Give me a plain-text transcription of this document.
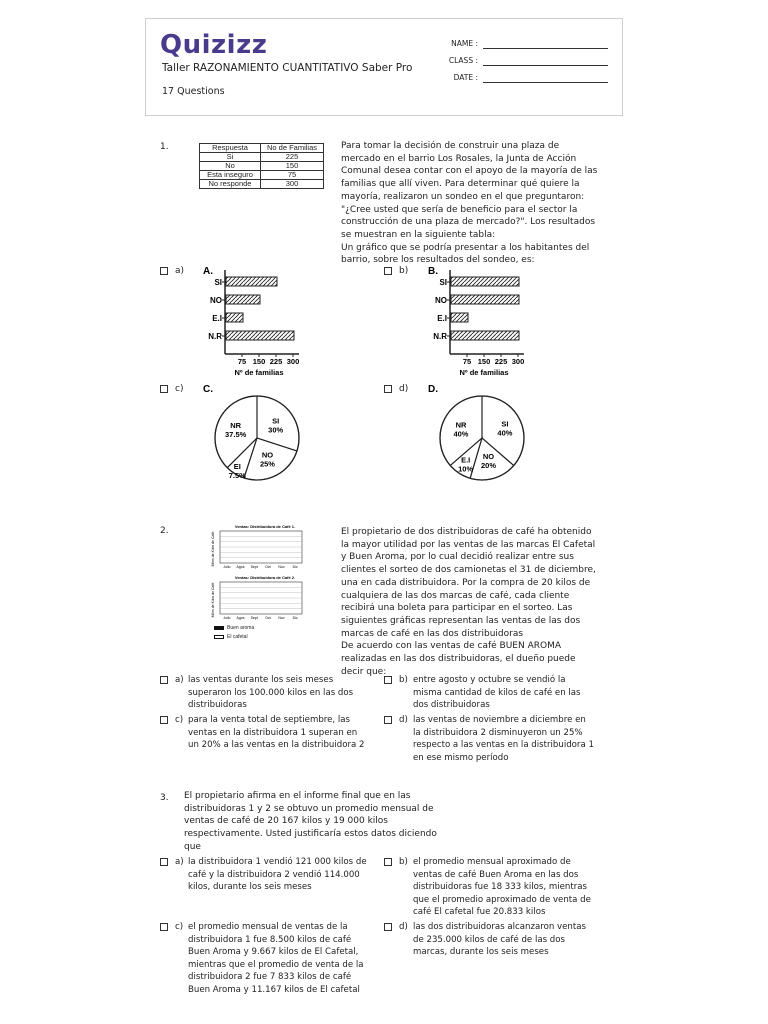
Quizizz
Taller RAZONAMIENTO CUANTITATIVO Saber Pro
17 Questions
NAME :
CLASS :
DATE :
1.	Respuesta	No de Familias
Si	225
No	150
Esta inseguro	75
No responde	300
Para tomar la decisión de construir una plaza de
mercado en el barrio Los Rosales, la Junta de Acción
Comunal desea contar con el apoyo de la mayoría de las
familias que allí viven. Para determinar qué quiere la
mayoría, realizaron un sondeo en el que preguntaron:
"¿Cree usted que sería de beneficio para el sector la
construcción de una plaza de mercado?". Los resultados
se muestran en la siguiente tabla:
Un gráfico que se podría presentar a los habitantes del
barrio, sobre los resultados del sondeo, es:
a)	b)
c)	d)
A.
SI
NO
E.I
N.R
75 150 225 300
Nº de familias
B.
SI
NO
E.I
N.R
75 150 225 300
Nº de familias
C.
SI
30%
NO
25%
EI
7.5%
NR
37.5%
D.
SI
40%
NO
20%
E.I
10%
NR
40%
2.	Ventas: Distribuidora de Café 1.
Miles de Kilos de Café
Julio Agos Sept Oct Nov Dic
Ventas: Distribuidora de Café 2.
Miles de Kilos de Café
Julio Agos Sept Oct Nov Dic
Buen aroma
El cafetal
El propietario de dos distribuidoras de café ha obtenido
la mayor utilidad por las ventas de las marcas El Cafetal
y Buen Aroma, por lo cual decidió realizar entre sus
clientes el sorteo de dos camionetas el 31 de diciembre,
una en cada distribuidora. Por la compra de 20 kilos de
cualquiera de las dos marcas de café, cada cliente
recibirá una boleta para participar en el sorteo. Las
siguientes gráficas representan las ventas de las dos
marcas de café en las dos distribuidoras
De acuerdo con las ventas de café BUEN AROMA
realizadas en las dos distribuidoras, el dueño puede
decir que:
a) las ventas durante los seis meses
superaron los 100.000 kilos en las dos
distribuidoras
b) entre agosto y octubre se vendió la
misma cantidad de kilos de café en las
dos distribuidoras
c) para la venta total de septiembre, las
ventas en la distribuidora 1 superan en
un 20% a las ventas en la distribuidora 2
d) las ventas de noviembre a diciembre en
la distribuidora 2 disminuyeron un 25%
respecto a las ventas en la distribuidora 1
en ese mismo período
3. El propietario afirma en el informe final que en las
distribuidoras 1 y 2 se obtuvo un promedio mensual de
ventas de café de 20 167 kilos y 19 000 kilos
respectivamente. Usted justificaría estos datos diciendo
que
a) la distribuidora 1 vendió 121 000 kilos de
café y la distribuidora 2 vendió 114.000
kilos, durante los seis meses
b) el promedio mensual aproximado de
ventas de café Buen Aroma en las dos
distribuidoras fue 18 333 kilos, mientras
que el promedio aproximado de venta de
café El cafetal fue 20.833 kilos
c) el promedio mensual de ventas de la
distribuidora 1 fue 8.500 kilos de café
Buen Aroma y 9.667 kilos de El Cafetal,
mientras que el promedio de venta de la
distribuidora 2 fue 7 833 kilos de café
Buen Aroma y 11.167 kilos de El cafetal
d) las dos distribuidoras alcanzaron ventas
de 235.000 kilos de café de las dos
marcas, durante los seis meses
